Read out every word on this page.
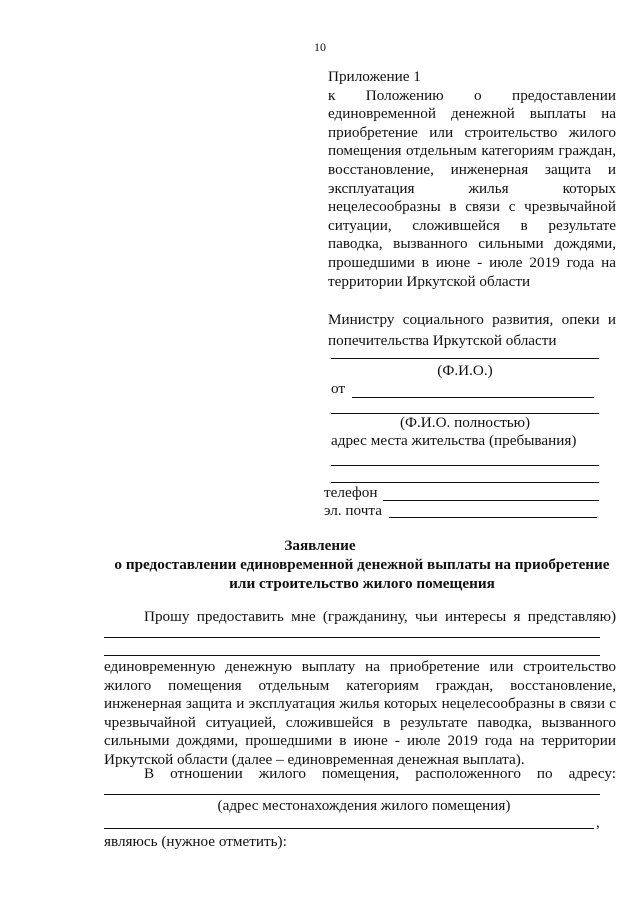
10
Приложение 1
к Положению о предоставлении единовременной денежной выплаты на приобретение или строительство жилого помещения отдельным категориям граждан, восстановление, инженерная защита и эксплуатация жилья которых нецелесообразны в связи с чрезвычайной ситуации, сложившейся в результате паводка, вызванного сильными дождями, прошедшими в июне - июле 2019 года на территории Иркутской области
Министру социального развития, опеки и попечительства Иркутской области
(Ф.И.О.)
от
(Ф.И.О. полностью)
адрес места жительства (пребывания)
телефон
эл. почта
Заявление
о предоставлении единовременной денежной выплаты на приобретение или строительство жилого помещения
Прошу предоставить мне (гражданину, чьи интересы я представляю)
единовременную денежную выплату на приобретение или строительство жилого помещения отдельным категориям граждан, восстановление, инженерная защита и эксплуатация жилья которых нецелесообразны в связи с чрезвычайной ситуацией, сложившейся в результате паводка, вызванного сильными дождями, прошедшими в июне - июле 2019 года на территории Иркутской области (далее – единовременная денежная выплата).
В отношении жилого помещения, расположенного по адресу:
(адрес местонахождения жилого помещения)
,
являюсь (нужное отметить):
